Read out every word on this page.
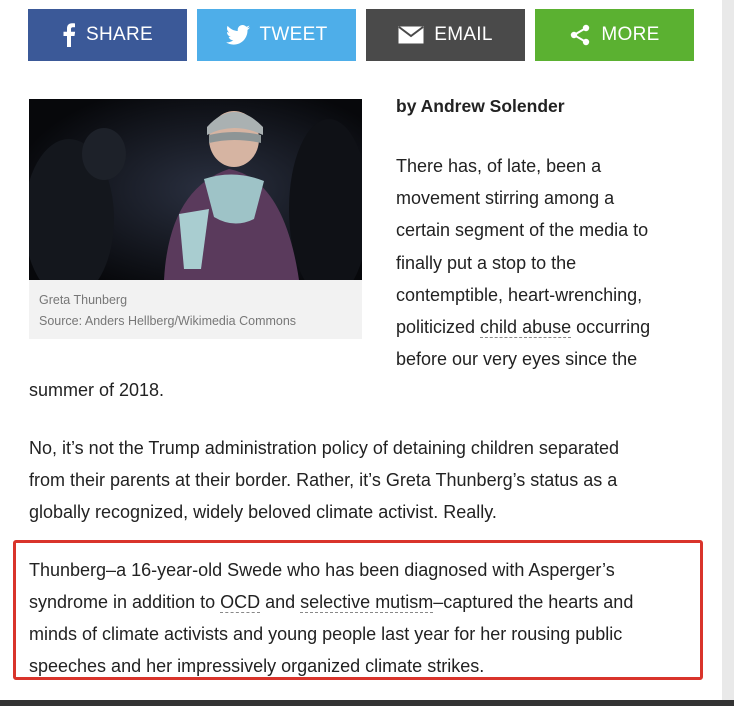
SHARE	TWEET	EMAIL	MORE
Greta Thunberg
Source: Anders Hellberg/Wikimedia Commons
by Andrew Solender
There has, of late, been a
movement stirring among a
certain segment of the media to
finally put a stop to the
contemptible, heart-wrenching,
politicized child abuse occurring
before our very eyes since the
summer of 2018.
No, it’s not the Trump administration policy of detaining children separated
from their parents at their border. Rather, it’s Greta Thunberg’s status as a
globally recognized, widely beloved climate activist. Really.
Thunberg–a 16-year-old Swede who has been diagnosed with Asperger’s
syndrome in addition to OCD and selective mutism–captured the hearts and
minds of climate activists and young people last year for her rousing public
speeches and her impressively organized climate strikes.
